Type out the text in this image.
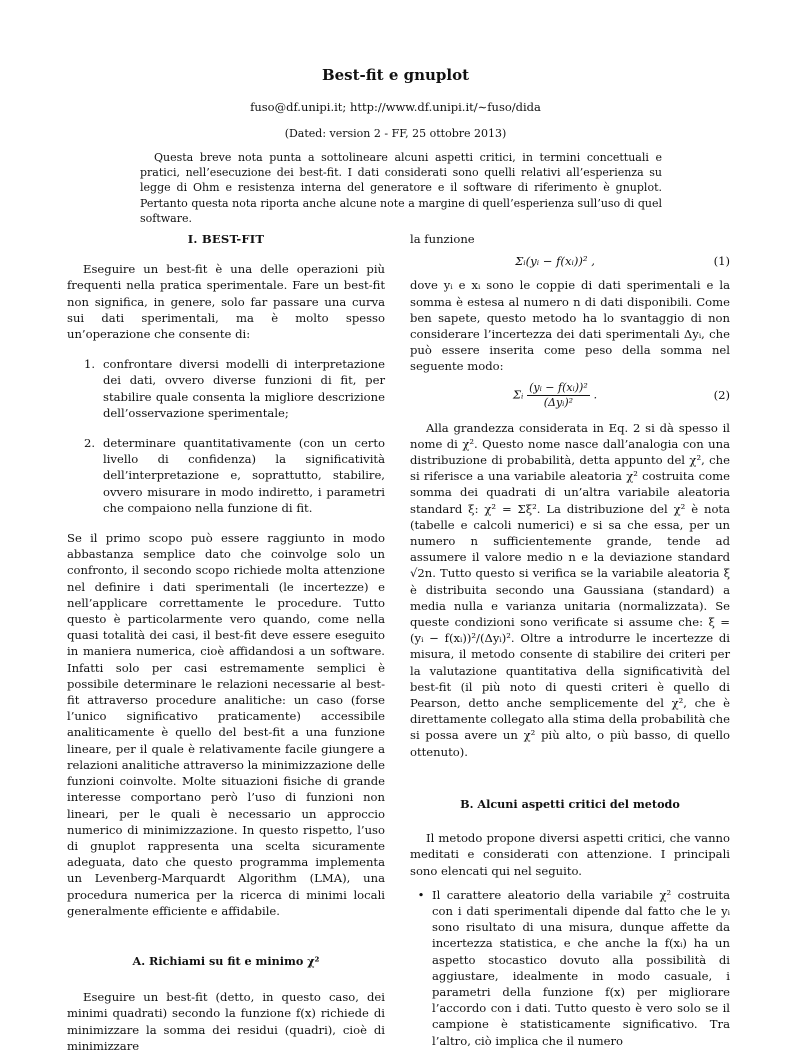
Best-fit e gnuplot
fuso@df.unipi.it; http://www.df.unipi.it/∼fuso/dida
(Dated: version 2 - FF, 25 ottobre 2013)
Questa breve nota punta a sottolineare alcuni aspetti critici, in termini concettuali e pratici, nell’esecuzione dei best-fit. I dati considerati sono quelli relativi all’esperienza su legge di Ohm e resistenza interna del generatore e il software di riferimento è gnuplot. Pertanto questa nota riporta anche alcune note a margine di quell’esperienza sull’uso di quel software.
I. BEST-FIT

Eseguire un best-fit è una delle operazioni più frequenti nella pratica sperimentale. Fare un best-fit non significa, in genere, solo far passare una curva sui dati sperimentali, ma è molto spesso un’operazione che consente di:

1. confrontare diversi modelli di interpretazione dei dati, ovvero diverse funzioni di fit, per stabilire quale consenta la migliore descrizione dell’osservazione sperimentale;
2. determinare quantitativamente (con un certo livello di confidenza) la significatività dell’interpretazione e, soprattutto, stabilire, ovvero misurare in modo indiretto, i parametri che compaiono nella funzione di fit.

Se il primo scopo può essere raggiunto in modo abbastanza semplice dato che coinvolge solo un confronto, il secondo scopo richiede molta attenzione nel definire i dati sperimentali (le incertezze) e nell’applicare correttamente le procedure. Tutto questo è particolarmente vero quando, come nella quasi totalità dei casi, il best-fit deve essere eseguito in maniera numerica, cioè affidandosi a un software. Infatti solo per casi estremamente semplici è possibile determinare le relazioni necessarie al best-fit attraverso procedure analitiche: un caso (forse l’unico significativo praticamente) accessibile analiticamente è quello del best-fit a una funzione lineare, per il quale è relativamente facile giungere a relazioni analitiche attraverso la minimizzazione delle funzioni coinvolte. Molte situazioni fisiche di grande interesse comportano però l’uso di funzioni non lineari, per le quali è necessario un approccio numerico di minimizzazione. In questo rispetto, l’uso di gnuplot rappresenta una scelta sicuramente adeguata, dato che questo programma implementa un Levenberg-Marquardt Algorithm (LMA), una procedura numerica per la ricerca di minimi locali generalmente efficiente e affidabile.

A. Richiami su fit e minimo χ²

Eseguire un best-fit (detto, in questo caso, dei minimi quadrati) secondo la funzione f(x) richiede di minimizzare la somma dei residui (quadri), cioè di minimizzare

la funzione

Σᵢ(yᵢ − f(xᵢ))² ,	(1)

dove yᵢ e xᵢ sono le coppie di dati sperimentali e la somma è estesa al numero n di dati disponibili. Come ben sapete, questo metodo ha lo svantaggio di non considerare l’incertezza dei dati sperimentali Δyᵢ, che può essere inserita come peso della somma nel seguente modo:

Σᵢ $\frac{\text{(yᵢ − f(xᵢ))²}}{\text{(Δyᵢ)²}}$ .	(2)

Alla grandezza considerata in Eq. 2 si dà spesso il nome di χ². Questo nome nasce dall’analogia con una distribuzione di probabilità, detta appunto del χ², che si riferisce a una variabile aleatoria χ² costruita come somma dei quadrati di un’altra variabile aleatoria standard ξ: χ² = Σξ². La distribuzione del χ² è nota (tabelle e calcoli numerici) e si sa che essa, per un numero n sufficientemente grande, tende ad assumere il valore medio n e la deviazione standard √2n. Tutto questo si verifica se la variabile aleatoria ξ è distribuita secondo una Gaussiana (standard) a media nulla e varianza unitaria (normalizzata). Se queste condizioni sono verificate si assume che: ξ = (yᵢ − f(xᵢ))²/(Δyᵢ)². Oltre a introdurre le incertezze di misura, il metodo consente di stabilire dei criteri per la valutazione quantitativa della significatività del best-fit (il più noto di questi criteri è quello di Pearson, detto anche semplicemente del χ², che è direttamente collegato alla stima della probabilità che si possa avere un χ² più alto, o più basso, di quello ottenuto).

B. Alcuni aspetti critici del metodo

Il metodo propone diversi aspetti critici, che vanno meditati e considerati con attenzione. I principali sono elencati qui nel seguito.

• Il carattere aleatorio della variabile χ² costruita con i dati sperimentali dipende dal fatto che le yᵢ sono risultato di una misura, dunque affette da incertezza statistica, e che anche la f(xᵢ) ha un aspetto stocastico dovuto alla possibilità di aggiustare, idealmente in modo casuale, i parametri della funzione f(x) per migliorare l’accordo con i dati. Tutto questo è vero solo se il campione è statisticamente significativo. Tra l’altro, ciò implica che il numero
